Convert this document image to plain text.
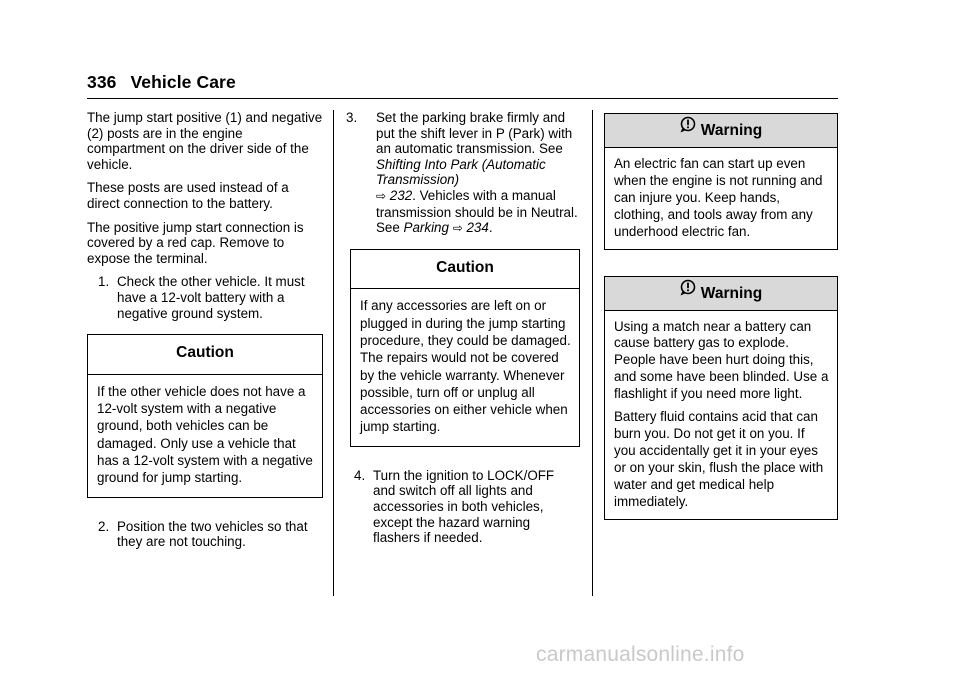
336 Vehicle Care

The jump start positive (1) and negative (2) posts are in the engine compartment on the driver side of the vehicle.

These posts are used instead of a direct connection to the battery.

The positive jump start connection is covered by a red cap. Remove to expose the terminal.

1. Check the other vehicle. It must have a 12-volt battery with a negative ground system.
Caution
If the other vehicle does not have a 12-volt system with a negative ground, both vehicles can be damaged. Only use a vehicle that has a 12-volt system with a negative ground for jump starting.
2. Position the two vehicles so that they are not touching.
3.	Set the parking brake firmly and put the shift lever in P (Park) with an automatic transmission. See Shifting Into Park (Automatic Transmission)
⇨ 232. Vehicles with a manual transmission should be in Neutral. See Parking ⇨ 234.
Caution
If any accessories are left on or plugged in during the jump starting procedure, they could be damaged. The repairs would not be covered by the vehicle warranty. Whenever possible, turn off or unplug all accessories on either vehicle when jump starting.
4. Turn the ignition to LOCK/OFF and switch off all lights and accessories in both vehicles, except the hazard warning flashers if needed.
Warning

An electric fan can start up even when the engine is not running and can injure you. Keep hands, clothing, and tools away from any underhood electric fan.

Warning

Using a match near a battery can cause battery gas to explode. People have been hurt doing this, and some have been blinded. Use a flashlight if you need more light.

Battery fluid contains acid that can burn you. Do not get it on you. If you accidentally get it in your eyes or on your skin, flush the place with water and get medical help immediately.

carmanualsonline.info
